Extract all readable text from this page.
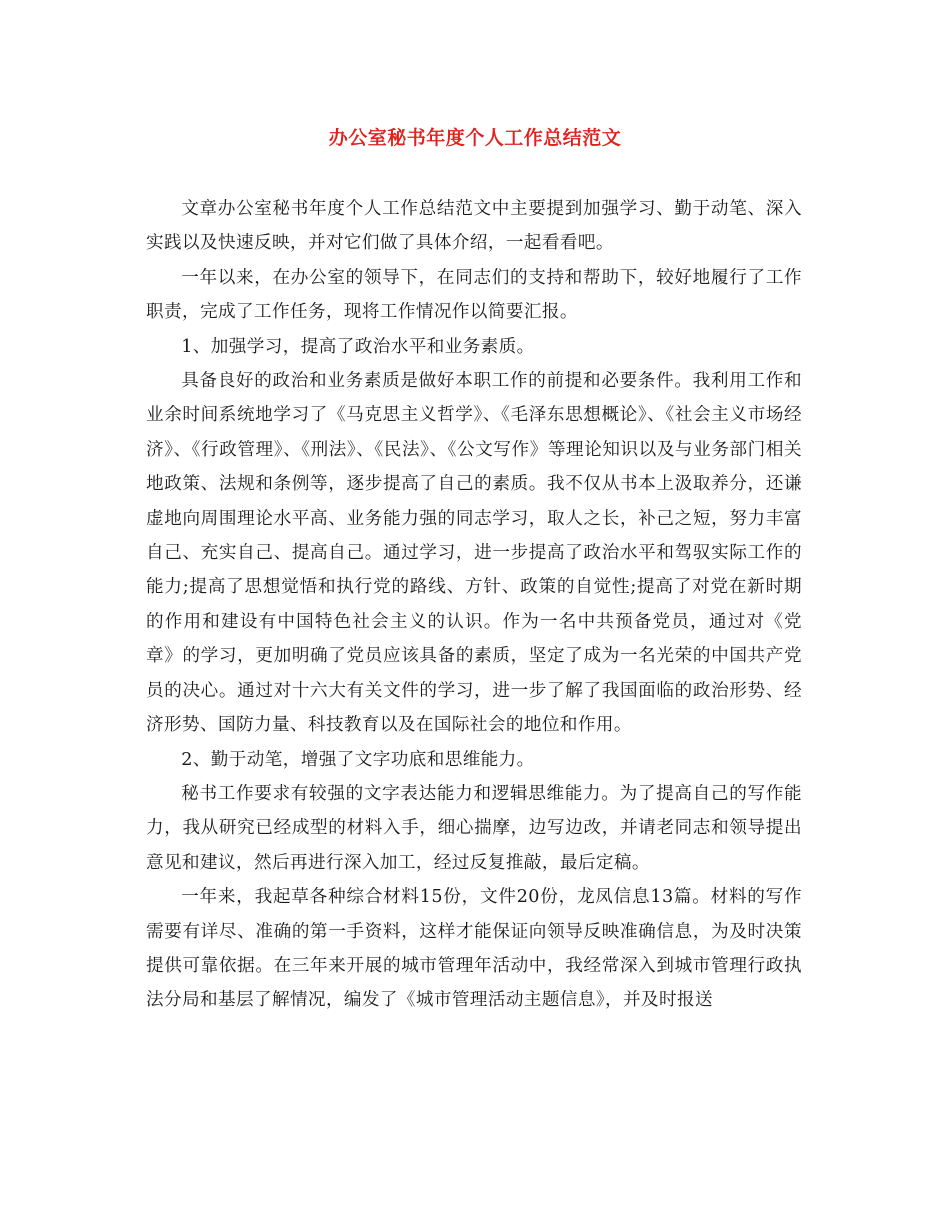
办公室秘书年度个人工作总结范文

文章办公室秘书年度个人工作总结范文中主要提到加强学习、勤于动笔、深入实践以及快速反映，并对它们做了具体介绍，一起看看吧。

一年以来，在办公室的领导下，在同志们的支持和帮助下，较好地履行了工作职责，完成了工作任务，现将工作情况作以简要汇报。

1、加强学习，提高了政治水平和业务素质。

具备良好的政治和业务素质是做好本职工作的前提和必要条件。我利用工作和业余时间系统地学习了《马克思主义哲学》、《毛泽东思想概论》、《社会主义市场经济》、《行政管理》、《刑法》、《民法》、《公文写作》等理论知识以及与业务部门相关地政策、法规和条例等，逐步提高了自己的素质。我不仅从书本上汲取养分，还谦虚地向周围理论水平高、业务能力强的同志学习，取人之长，补己之短，努力丰富自己、充实自己、提高自己。通过学习，进一步提高了政治水平和驾驭实际工作的能力;提高了思想觉悟和执行党的路线、方针、政策的自觉性;提高了对党在新时期的作用和建设有中国特色社会主义的认识。作为一名中共预备党员，通过对《党章》的学习，更加明确了党员应该具备的素质，坚定了成为一名光荣的中国共产党员的决心。通过对十六大有关文件的学习，进一步了解了我国面临的政治形势、经济形势、国防力量、科技教育以及在国际社会的地位和作用。

2、勤于动笔，增强了文字功底和思维能力。

秘书工作要求有较强的文字表达能力和逻辑思维能力。为了提高自己的写作能力，我从研究已经成型的材料入手，细心揣摩，边写边改，并请老同志和领导提出意见和建议，然后再进行深入加工，经过反复推敲，最后定稿。

一年来，我起草各种综合材料15份，文件20份，龙凤信息13篇。材料的写作需要有详尽、准确的第一手资料，这样才能保证向领导反映准确信息，为及时决策提供可靠依据。在三年来开展的城市管理年活动中，我经常深入到城市管理行政执法分局和基层了解情况，编发了《城市管理活动主题信息》，并及时报送
